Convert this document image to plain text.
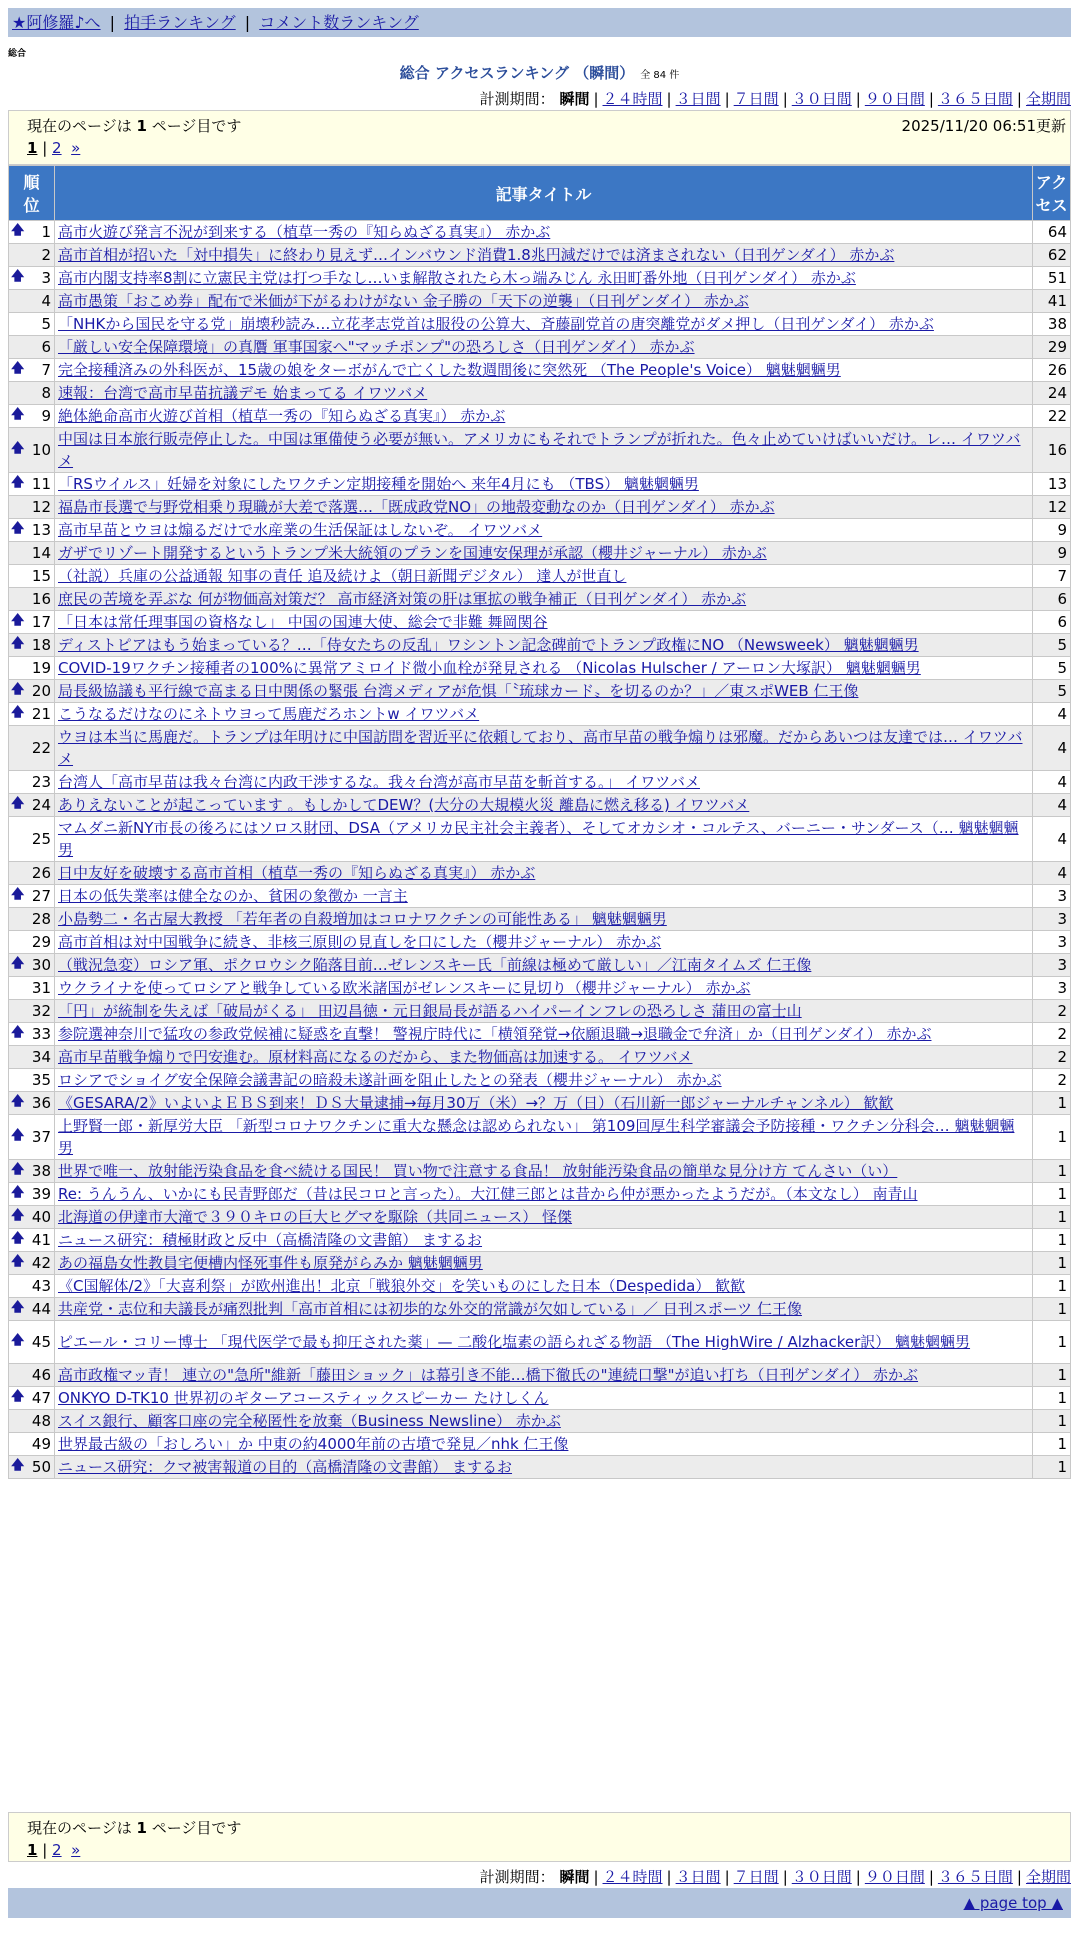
★阿修羅♪へ | 拍手ランキング | コメント数ランキング
総合
総合 アクセスランキング （瞬間） 全 84 件
計測期間： 瞬間 | ２４時間 | ３日間 | ７日間 | ３０日間 | ９０日間 | ３６５日間 | 全期間
現在のページは 1 ページ目です	2025/11/20 06:51更新
1 | 2 »
順
位	記事タイトル	アク
セス

🡅 1	高市火遊び発言不況が到来する（植草一秀の『知らぬざる真実』） 赤かぶ	64
2	高市首相が招いた「対中損失」に終わり見えず…インバウンド消費1.8兆円減だけでは済まされない（日刊ゲンダイ） 赤かぶ	62

🡅 3	高市内閣支持率8割に立憲民主党は打つ手なし…いま解散されたら木っ端みじん 永田町番外地（日刊ゲンダイ） 赤かぶ	51
4	高市愚策「おこめ券」配布で米価が下がるわけがない 金子勝の「天下の逆襲」（日刊ゲンダイ） 赤かぶ	41
5	「NHKから国民を守る党」崩壊秒読み…立花孝志党首は服役の公算大、斉藤副党首の唐突離党がダメ押し（日刊ゲンダイ） 赤かぶ	38
6	「厳しい安全保障環境」の真贋 軍事国家へ"マッチポンプ"の恐ろしさ（日刊ゲンダイ） 赤かぶ	29

🡅 7	完全接種済みの外科医が、15歳の娘をターボがんで亡くした数週間後に突然死 （The People's Voice） 魑魅魍魎男	26
8	速報：台湾で高市早苗抗議デモ 始まってる イワツバメ	24

🡅 9	絶体絶命高市火遊び首相（植草一秀の『知らぬざる真実』） 赤かぶ	22

🡅 10	中国は日本旅行販売停止した。中国は軍備使う必要が無い。アメリカにもそれでトランプが折れた。色々止めていけばいいだけ。レ… イワツバメ	16

🡅 11	「RSウイルス」妊婦を対象にしたワクチン定期接種を開始へ 来年4月にも （TBS） 魑魅魍魎男	13
12	福島市長選で与野党相乗り現職が大差で落選…「既成政党NO」の地殻変動なのか（日刊ゲンダイ） 赤かぶ	12

🡅 13	高市早苗とウヨは煽るだけで水産業の生活保証はしないぞ。 イワツバメ	9
14	ガザでリゾート開発するというトランプ米大統領のプランを国連安保理が承認（櫻井ジャーナル） 赤かぶ	9
15	（社説）兵庫の公益通報 知事の責任 追及続けよ（朝日新聞デジタル） 達人が世直し	7
16	庶民の苦境を弄ぶな 何が物価高対策だ？ 高市経済対策の肝は軍拡の戦争補正（日刊ゲンダイ） 赤かぶ	6

🡅 17	「日本は常任理事国の資格なし」 中国の国連大使、総会で非難 舞岡関谷	6

🡅 18	ディストピアはもう始まっている？…「侍女たちの反乱」ワシントン記念碑前でトランプ政権にNO （Newsweek） 魑魅魍魎男	5
19	COVID-19ワクチン接種者の100%に異常アミロイド微小血栓が発見される （Nicolas Hulscher / アーロン大塚訳） 魑魅魍魎男	5

🡅 20	局長級協議も平行線で高まる日中関係の緊張 台湾メディアが危惧「〝琉球カード〟を切るのか？」／東スポWEB 仁王像	5

🡅 21	こうなるだけなのにネトウヨって馬鹿だろホントw イワツバメ	4
22	ウヨは本当に馬鹿だ。トランプは年明けに中国訪問を習近平に依頼しており、高市早苗の戦争煽りは邪魔。だからあいつは友達では… イワツバメ	4
23	台湾人「高市早苗は我々台湾に内政干渉するな。我々台湾が高市早苗を斬首する。」 イワツバメ	4

🡅 24	ありえないことが起こっています 。もしかしてDEW？(大分の大規模火災 離島に燃え移る) イワツバメ	4
25	マムダニ新NY市長の後ろにはソロス財団、DSA（アメリカ民主社会主義者）、そしてオカシオ・コルテス、バーニー・サンダース（… 魑魅魍魎男	4
26	日中友好を破壊する高市首相（植草一秀の『知らぬざる真実』） 赤かぶ	4

🡅 27	日本の低失業率は健全なのか、貧困の象徴か 一言主	3
28	小島勢二・名古屋大教授 「若年者の自殺増加はコロナワクチンの可能性ある」 魑魅魍魎男	3
29	高市首相は対中国戦争に続き、非核三原則の見直しを口にした（櫻井ジャーナル） 赤かぶ	3

🡅 30	（戦況急変）ロシア軍、ポクロウシク陥落目前…ゼレンスキー氏「前線は極めて厳しい」／江南タイムズ 仁王像	3
31	ウクライナを使ってロシアと戦争している欧米諸国がゼレンスキーに見切り（櫻井ジャーナル） 赤かぶ	3
32	「円」が統制を失えば「破局がくる」 田辺昌徳・元日銀局長が語るハイパーインフレの恐ろしさ 蒲田の富士山	2

🡅 33	参院選神奈川で猛攻の参政党候補に疑惑を直撃！ 警視庁時代に「横領発覚→依願退職→退職金で弁済」か（日刊ゲンダイ） 赤かぶ	2
34	高市早苗戦争煽りで円安進む。原材料高になるのだから、また物価高は加速する。 イワツバメ	2
35	ロシアでショイグ安全保障会議書記の暗殺未遂計画を阻止したとの発表（櫻井ジャーナル） 赤かぶ	2

🡅 36	《GESARA/2》いよいよＥＢＳ到来！ＤＳ大量逮捕→毎月30万（米）→？万（日）（石川新一郎ジャーナルチャンネル） 歓歓	1

🡅 37	上野賢一郎・新厚労大臣 「新型コロナワクチンに重大な懸念は認められない」 第109回厚生科学審議会予防接種・ワクチン分科会… 魑魅魍魎男	1

🡅 38	世界で唯一、放射能汚染食品を食べ続ける国民！ 買い物で注意する食品！ 放射能汚染食品の簡単な見分け方 てんさい（い）	1

🡅 39	Re: うんうん、いかにも民青野郎だ（昔は民コロと言った）。大江健三郎とは昔から仲が悪かったようだが。（本文なし） 南青山	1

🡅 40	北海道の伊達市大滝で３９０キロの巨大ヒグマを駆除（共同ニュース） 怪傑	1

🡅 41	ニュース研究：積極財政と反中（高橋清隆の文書館） まするお	1

🡅 42	あの福島女性教員宅便槽内怪死事件も原発がらみか 魑魅魍魎男	1
43	《C国解体/2》「大喜利祭」が欧州進出！北京「戦狼外交」を笑いものにした日本（Despedida） 歓歓	1

🡅 44	共産党・志位和夫議長が痛烈批判「高市首相には初歩的な外交的常識が欠如している」／ 日刊スポーツ 仁王像	1

🡅 45	ピエール・コリー博士 「現代医学で最も抑圧された薬」— 二酸化塩素の語られざる物語 （The HighWire / Alzhacker訳） 魑魅魍魎男	1
46	高市政権マッ青！ 連立の"急所"維新「藤田ショック」は幕引き不能…橋下徹氏の"連続口撃"が追い打ち（日刊ゲンダイ） 赤かぶ	1

🡅 47	ONKYO D-TK10 世界初のギターアコースティックスピーカー たけしくん	1
48	スイス銀行、顧客口座の完全秘匿性を放棄（Business Newsline） 赤かぶ	1
49	世界最古級の「おしろい」か 中東の約4000年前の古墳で発見／nhk 仁王像	1

🡅 50	ニュース研究：クマ被害報道の目的（高橋清隆の文書館） まするお	1
現在のページは 1 ページ目です
1 | 2 »
計測期間： 瞬間 | ２４時間 | ３日間 | ７日間 | ３０日間 | ９０日間 | ３６５日間 | 全期間
▲ page top ▲
